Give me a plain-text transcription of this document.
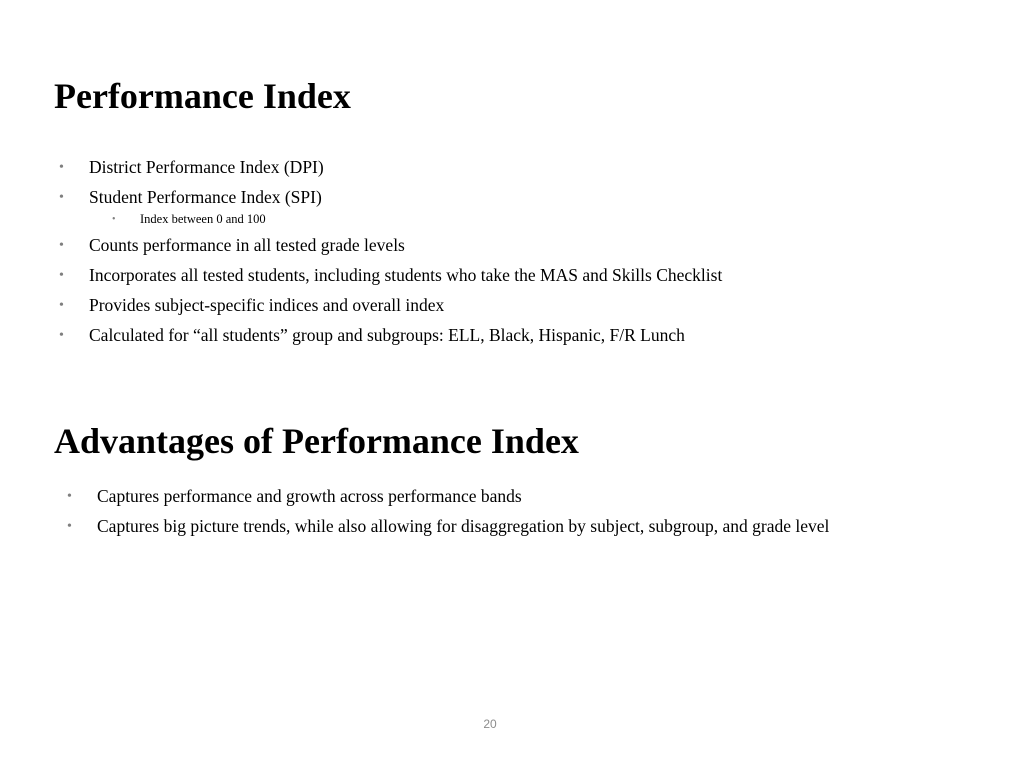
Performance Index
• District Performance Index (DPI)
• Student Performance Index (SPI)
• Index between 0 and 100
• Counts performance in all tested grade levels
• Incorporates all tested students, including students who take the MAS and Skills Checklist
• Provides subject-specific indices and overall index
• Calculated for “all students” group and subgroups: ELL, Black, Hispanic, F/R Lunch
Advantages of Performance Index
• Captures performance and growth across performance bands
• Captures big picture trends, while also allowing for disaggregation by subject, subgroup, and grade level
20
